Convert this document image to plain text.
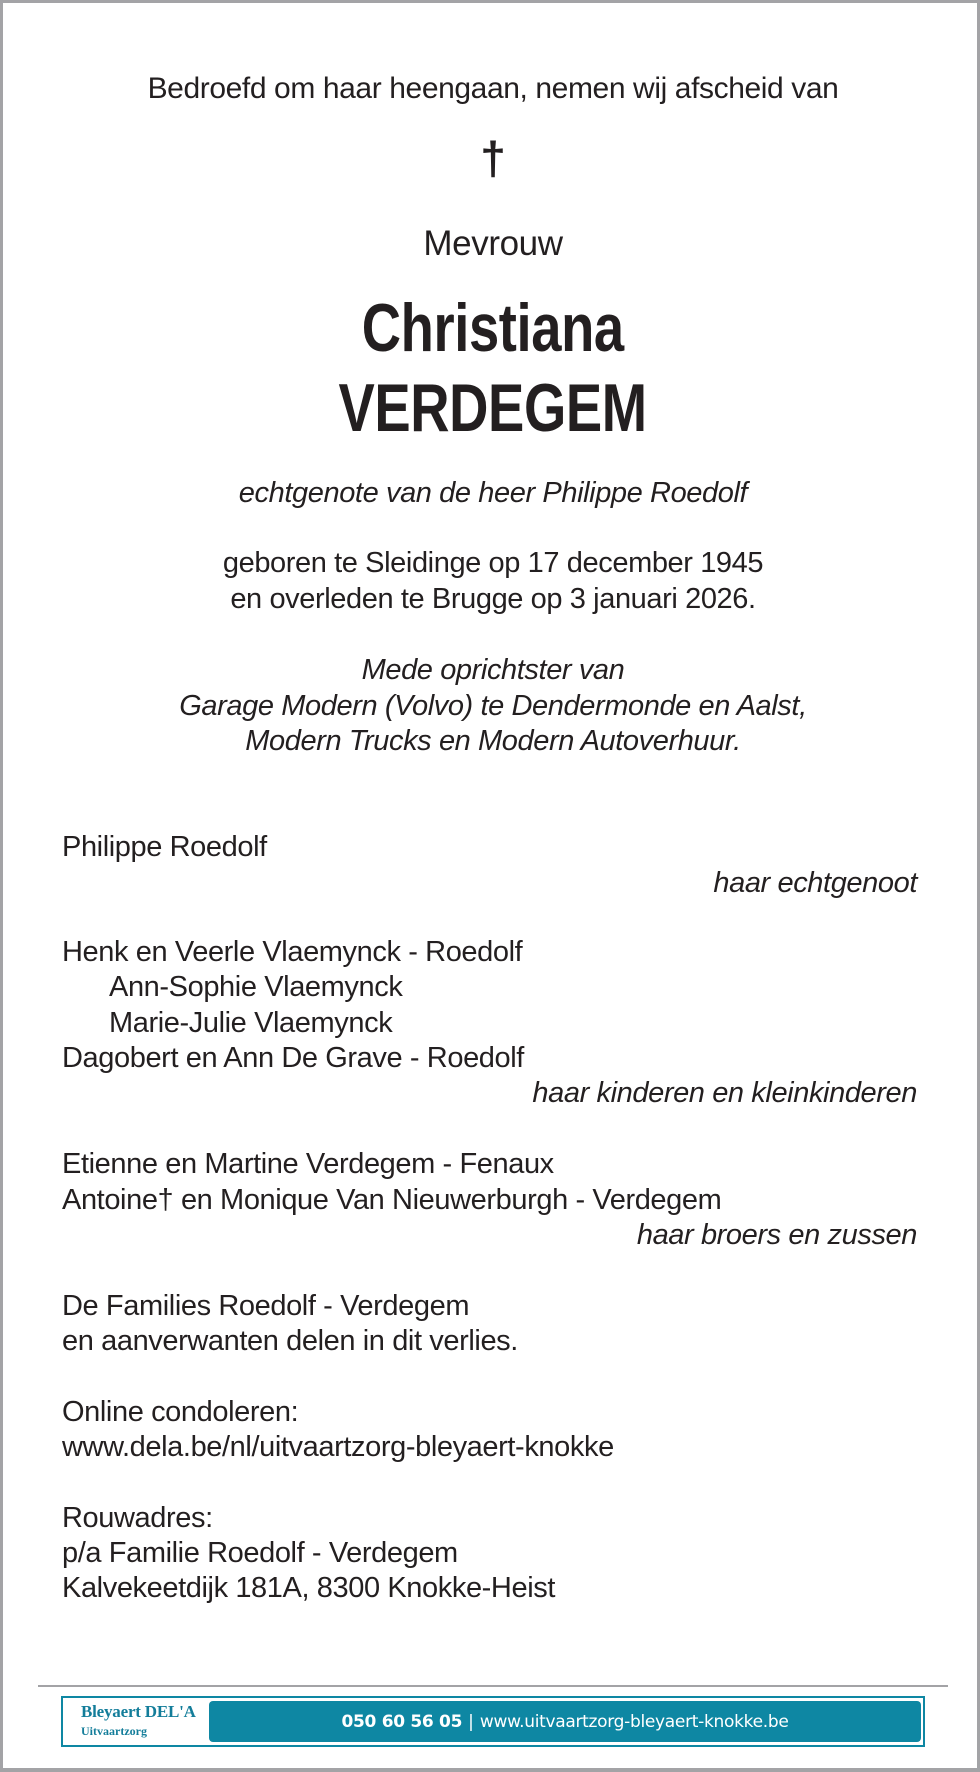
Bedroefd om haar heengaan, nemen wij afscheid van
†
Mevrouw
Christiana
VERDEGEM
echtgenote van de heer Philippe Roedolf
geboren te Sleidinge op 17 december 1945
en overleden te Brugge op 3 januari 2026.
Mede oprichtster van
Garage Modern (Volvo) te Dendermonde en Aalst,
Modern Trucks en Modern Autoverhuur.
Philippe Roedolf
haar echtgenoot
Henk en Veerle Vlaemynck - Roedolf
Ann-Sophie Vlaemynck
Marie-Julie Vlaemynck
Dagobert en Ann De Grave - Roedolf
haar kinderen en kleinkinderen
Etienne en Martine Verdegem - Fenaux
Antoine† en Monique Van Nieuwerburgh - Verdegem
haar broers en zussen
De Families Roedolf - Verdegem
en aanverwanten delen in dit verlies.
Online condoleren:
www.dela.be/nl/uitvaartzorg-bleyaert-knokke
Rouwadres:
p/a Familie Roedolf - Verdegem
Kalvekeetdijk 181A, 8300 Knokke-Heist
Bleyaert DEL'A
Uitvaartzorg	050 60 56 05 | www.uitvaartzorg-bleyaert-knokke.be
